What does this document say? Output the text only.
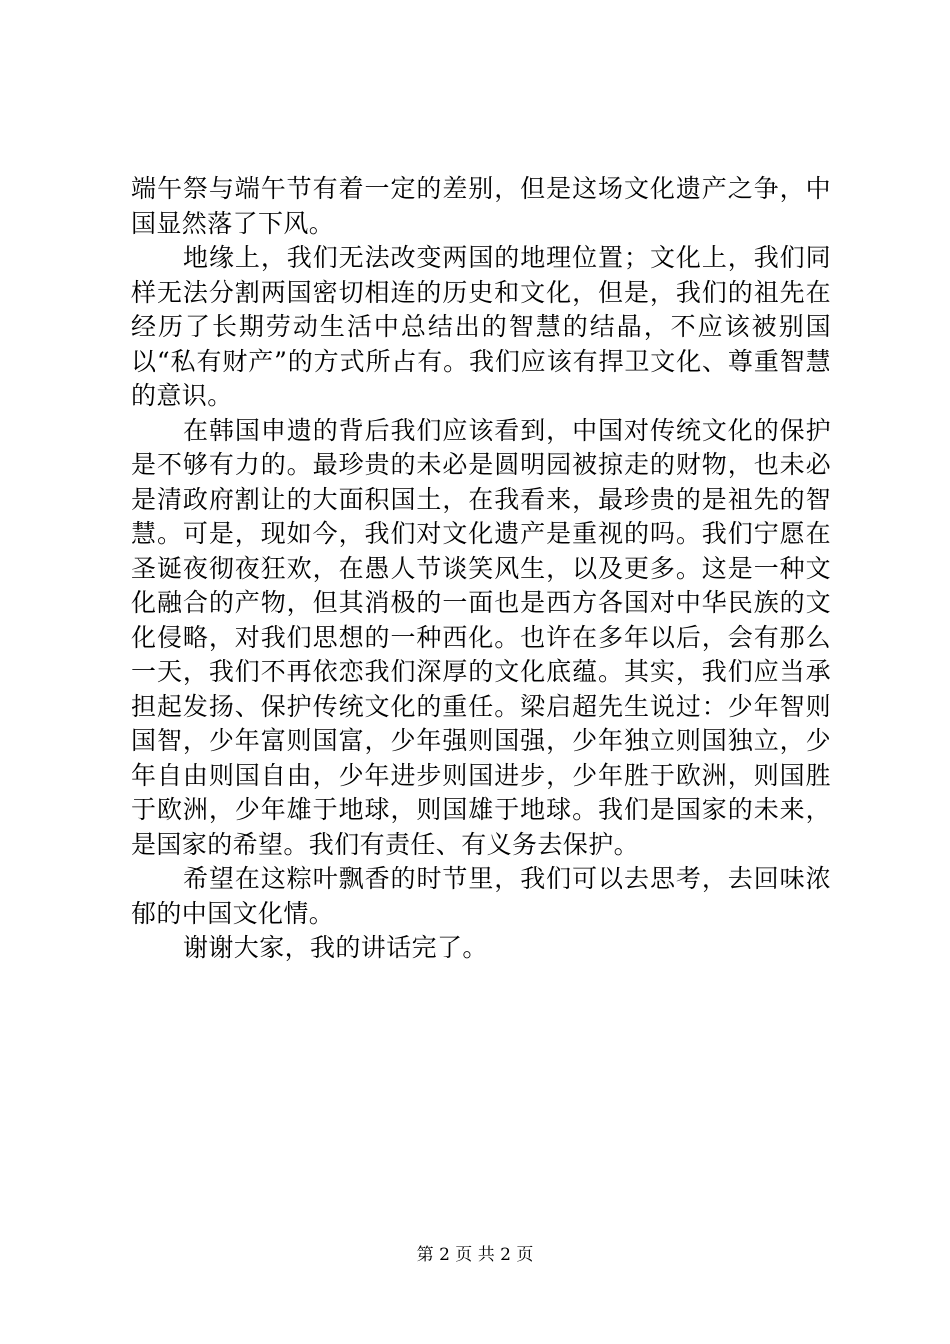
端午祭与端午节有着一定的差别，但是这场文化遗产之争，中国显然落了下风。

地缘上，我们无法改变两国的地理位置；文化上，我们同样无法分割两国密切相连的历史和文化，但是，我们的祖先在经历了长期劳动生活中总结出的智慧的结晶，不应该被别国以“私有财产”的方式所占有。我们应该有捍卫文化、尊重智慧的意识。

在韩国申遗的背后我们应该看到，中国对传统文化的保护是不够有力的。最珍贵的未必是圆明园被掠走的财物，也未必是清政府割让的大面积国土，在我看来，最珍贵的是祖先的智慧。可是，现如今，我们对文化遗产是重视的吗。我们宁愿在圣诞夜彻夜狂欢，在愚人节谈笑风生，以及更多。这是一种文化融合的产物，但其消极的一面也是西方各国对中华民族的文化侵略，对我们思想的一种西化。也许在多年以后，会有那么一天，我们不再依恋我们深厚的文化底蕴。其实，我们应当承担起发扬、保护传统文化的重任。梁启超先生说过：少年智则国智，少年富则国富，少年强则国强，少年独立则国独立，少年自由则国自由，少年进步则国进步，少年胜于欧洲，则国胜于欧洲，少年雄于地球，则国雄于地球。我们是国家的未来，是国家的希望。我们有责任、有义务去保护。

希望在这粽叶飘香的时节里，我们可以去思考，去回味浓郁的中国文化情。

谢谢大家，我的讲话完了。

第 2 页 共 2 页
